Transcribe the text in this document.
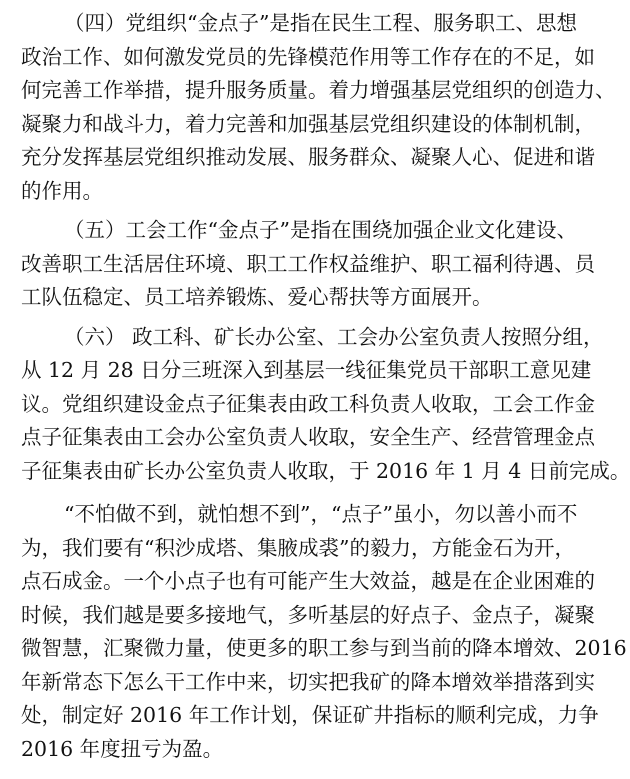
（四）党组织“金点子”是指在民生工程、服务职工、思想
政治工作、如何激发党员的先锋模范作用等工作存在的不足，如
何完善工作举措，提升服务质量。着力增强基层党组织的创造力、
凝聚力和战斗力，着力完善和加强基层党组织建设的体制机制，
充分发挥基层党组织推动发展、服务群众、凝聚人心、促进和谐
的作用。
（五）工会工作“金点子”是指在围绕加强企业文化建设、
改善职工生活居住环境、职工工作权益维护、职工福利待遇、员
工队伍稳定、员工培养锻炼、爱心帮扶等方面展开。
（六） 政工科、矿长办公室、工会办公室负责人按照分组，
从 12 月 28 日分三班深入到基层一线征集党员干部职工意见建
议。党组织建设金点子征集表由政工科负责人收取，工会工作金
点子征集表由工会办公室负责人收取，安全生产、经营管理金点
子征集表由矿长办公室负责人收取，于 2016 年 1 月 4 日前完成。
“不怕做不到，就怕想不到”，“点子”虽小，勿以善小而不
为，我们要有“积沙成塔、集腋成裘”的毅力，方能金石为开，
点石成金。一个小点子也有可能产生大效益，越是在企业困难的
时候，我们越是要多接地气，多听基层的好点子、金点子，凝聚
微智慧，汇聚微力量，使更多的职工参与到当前的降本增效、2016
年新常态下怎么干工作中来，切实把我矿的降本增效举措落到实
处，制定好 2016 年工作计划，保证矿井指标的顺利完成，力争
2016 年度扭亏为盈。
